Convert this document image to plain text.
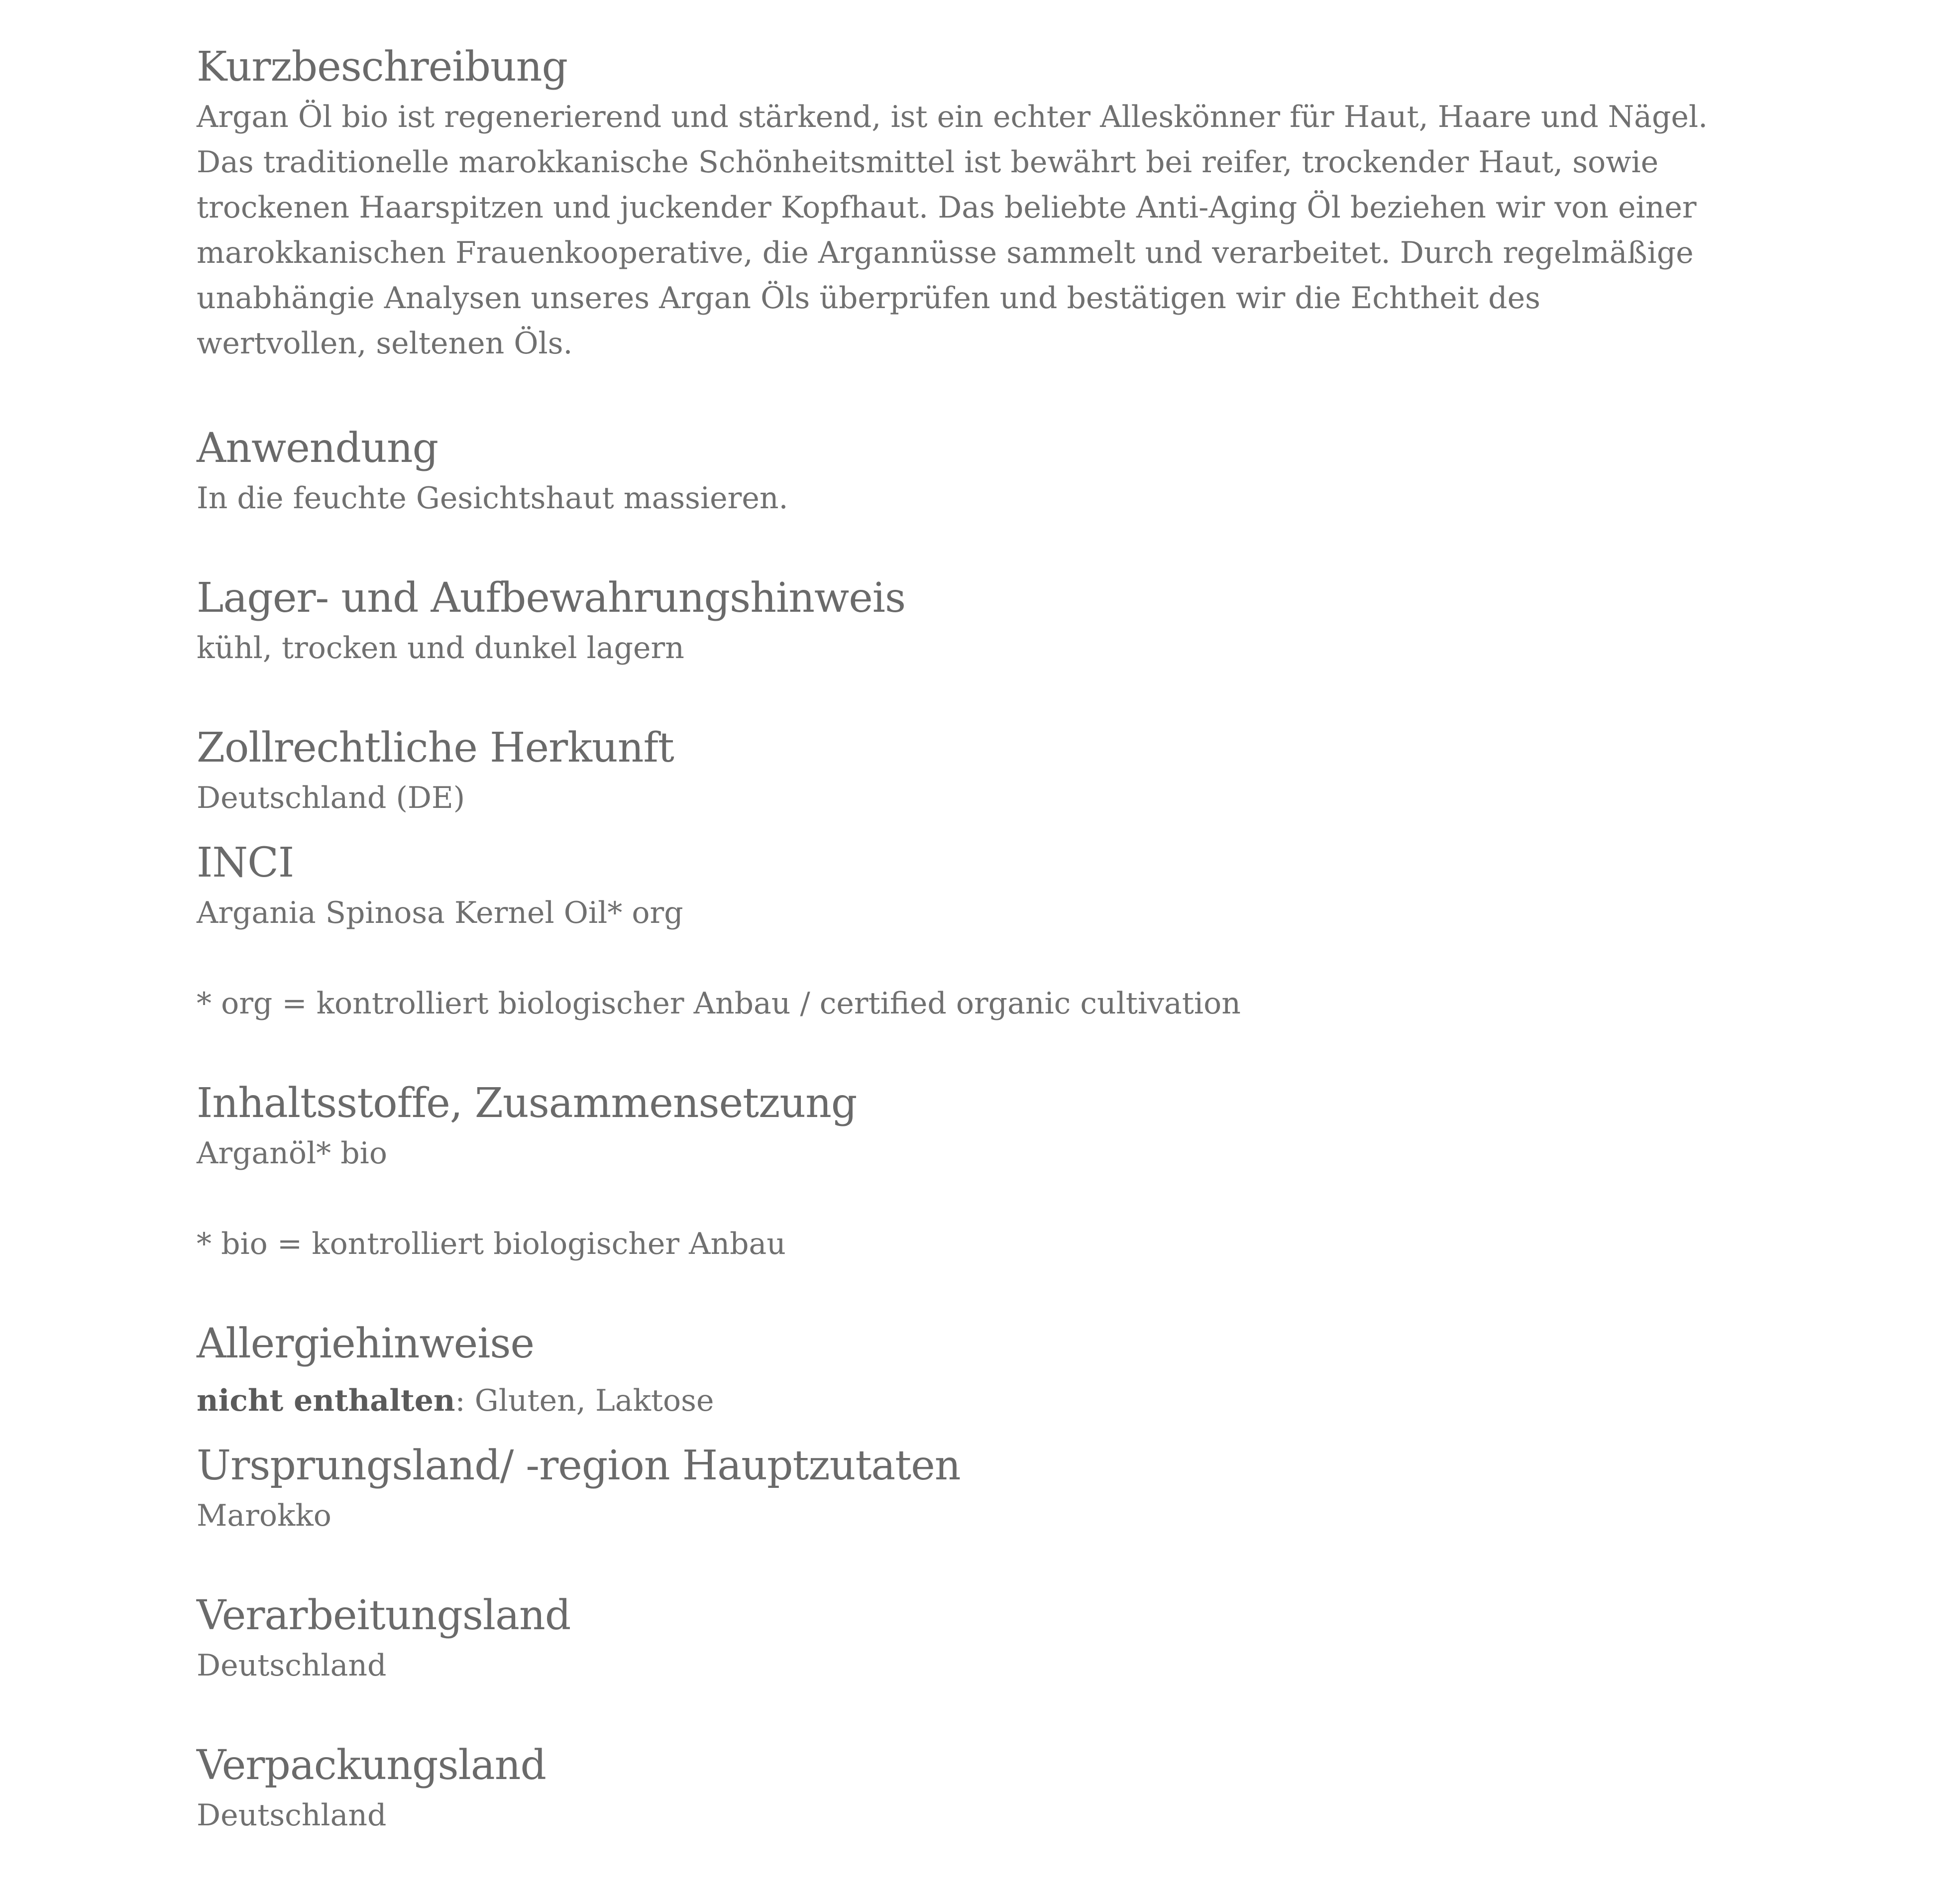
Kurzbeschreibung

Argan Öl bio ist regenerierend und stärkend, ist ein echter Alleskönner für Haut, Haare und Nägel. Das traditionelle marokkanische Schönheitsmittel ist bewährt bei reifer, trockender Haut, sowie trockenen Haarspitzen und juckender Kopfhaut. Das beliebte Anti-Aging Öl beziehen wir von einer marokkanischen Frauenkooperative, die Argannüsse sammelt und verarbeitet. Durch regelmäßige unabhängie Analysen unseres Argan Öls überprüfen und bestätigen wir die Echtheit des wertvollen, seltenen Öls.

Anwendung

In die feuchte Gesichtshaut massieren.

Lager- und Aufbewahrungshinweis

kühl, trocken und dunkel lagern

Zollrechtliche Herkunft

Deutschland (DE)

INCI

Argania Spinosa Kernel Oil* org

* org = kontrolliert biologischer Anbau / certified organic cultivation

Inhaltsstoffe, Zusammensetzung

Arganöl* bio

* bio = kontrolliert biologischer Anbau

Allergiehinweise

nicht enthalten: Gluten, Laktose

Ursprungsland/ -region Hauptzutaten

Marokko

Verarbeitungsland

Deutschland

Verpackungsland

Deutschland
